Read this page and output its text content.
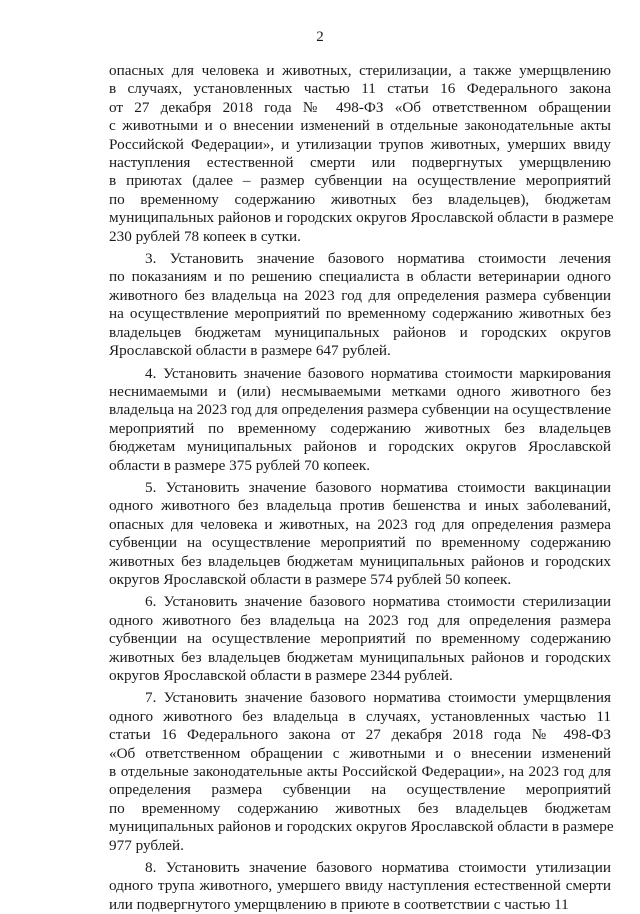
2
опасных для человека и животных, стерилизации, а также умерщвлению
в случаях, установленных частью 11 статьи 16 Федерального закона
от 27 декабря 2018 года № 498-ФЗ «Об ответственном обращении
с животными и о внесении изменений в отдельные законодательные акты
Российской Федерации», и утилизации трупов животных, умерших ввиду
наступления естественной смерти или подвергнутых умерщвлению
в приютах (далее – размер субвенции на осуществление мероприятий
по временному содержанию животных без владельцев), бюджетам
муниципальных районов и городских округов Ярославской области в размере
230 рублей 78 копеек в сутки.
3. Установить значение базового норматива стоимости лечения
по показаниям и по решению специалиста в области ветеринарии одного
животного без владельца на 2023 год для определения размера субвенции
на осуществление мероприятий по временному содержанию животных без
владельцев бюджетам муниципальных районов и городских округов
Ярославской области в размере 647 рублей.
4. Установить значение базового норматива стоимости маркирования
неснимаемыми и (или) несмываемыми метками одного животного без
владельца на 2023 год для определения размера субвенции на осуществление
мероприятий по временному содержанию животных без владельцев
бюджетам муниципальных районов и городских округов Ярославской
области в размере 375 рублей 70 копеек.
5. Установить значение базового норматива стоимости вакцинации
одного животного без владельца против бешенства и иных заболеваний,
опасных для человека и животных, на 2023 год для определения размера
субвенции на осуществление мероприятий по временному содержанию
животных без владельцев бюджетам муниципальных районов и городских
округов Ярославской области в размере 574 рублей 50 копеек.
6. Установить значение базового норматива стоимости стерилизации
одного животного без владельца на 2023 год для определения размера
субвенции на осуществление мероприятий по временному содержанию
животных без владельцев бюджетам муниципальных районов и городских
округов Ярославской области в размере 2344 рублей.
7. Установить значение базового норматива стоимости умерщвления
одного животного без владельца в случаях, установленных частью 11
статьи 16 Федерального закона от 27 декабря 2018 года № 498-ФЗ
«Об ответственном обращении с животными и о внесении изменений
в отдельные законодательные акты Российской Федерации», на 2023 год для
определения размера субвенции на осуществление мероприятий
по временному содержанию животных без владельцев бюджетам
муниципальных районов и городских округов Ярославской области в размере
977 рублей.
8. Установить значение базового норматива стоимости утилизации
одного трупа животного, умершего ввиду наступления естественной смерти
или подвергнутого умерщвлению в приюте в соответствии с частью 11
